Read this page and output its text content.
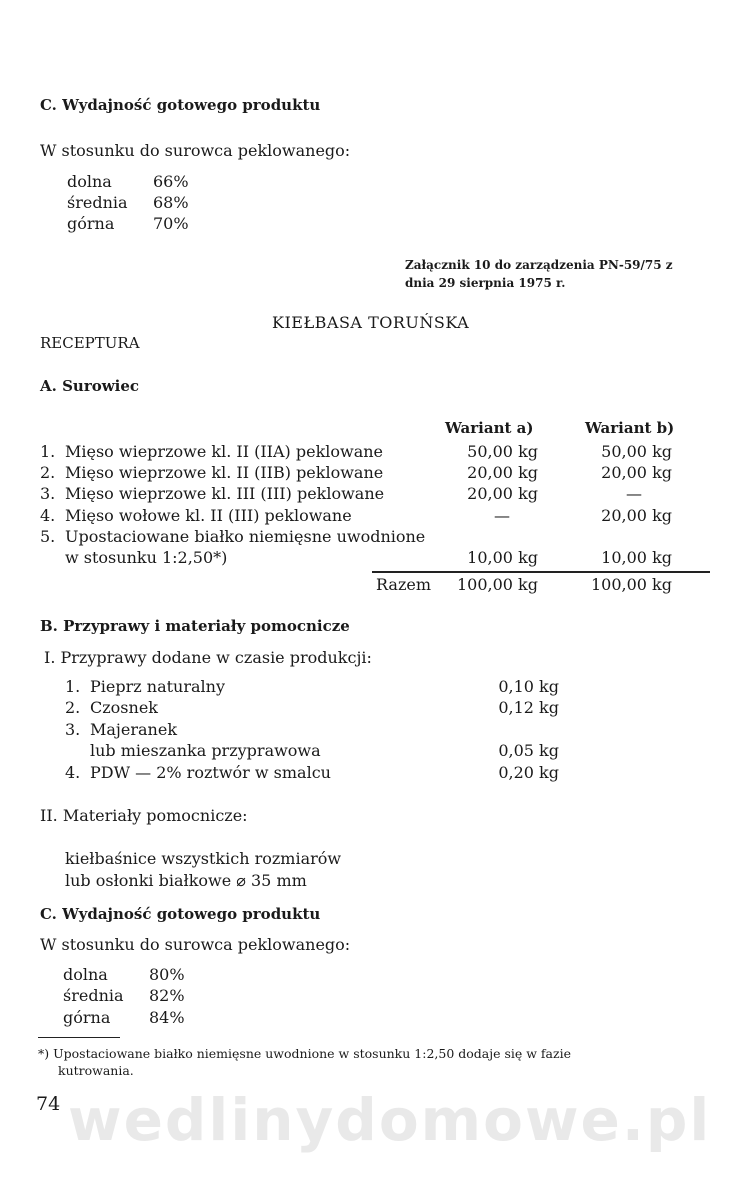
C. Wydajność gotowego produktu
W stosunku do surowca peklowanego:
dolna	66%
średnia 68%
górna 70%
Załącznik 10 do zarządzenia PN-59/75 z
dnia 29 sierpnia 1975 r.
KIEŁBASA TORUŃSKA
RECEPTURA
A. Surowiec
Wariant a)	Wariant b)
1. Mięso wieprzowe kl. II (IIA) peklowane	50,00 kg	50,00 kg
2. Mięso wieprzowe kl. II (IIB) peklowane	20,00 kg	20,00 kg
3. Mięso wieprzowe kl. III (III) peklowane	20,00 kg	—
4. Mięso wołowe kl. II (III) peklowane	—	20,00 kg
5. Upostaciowane białko niemięsne uwodnione
w stosunku 1:2,50*)	10,00 kg	10,00 kg
Razem	100,00 kg	100,00 kg
B. Przyprawy i materiały pomocnicze
I. Przyprawy dodane w czasie produkcji:
1. Pieprz naturalny	0,10 kg
2. Czosnek	0,12 kg
3. Majeranek
lub mieszanka przyprawowa	0,05 kg
4. PDW — 2% roztwór w smalcu	0,20 kg
II. Materiały pomocnicze:
kiełbaśnice wszystkich rozmiarów
lub osłonki białkowe ⌀ 35 mm
C. Wydajność gotowego produktu
W stosunku do surowca peklowanego:
dolna	80%
średnia 82%
górna 84%
*) Upostaciowane białko niemięsne uwodnione w stosunku 1:2,50 dodaje się w fazie
kutrowania.
wedlinydomowe.pl
74
